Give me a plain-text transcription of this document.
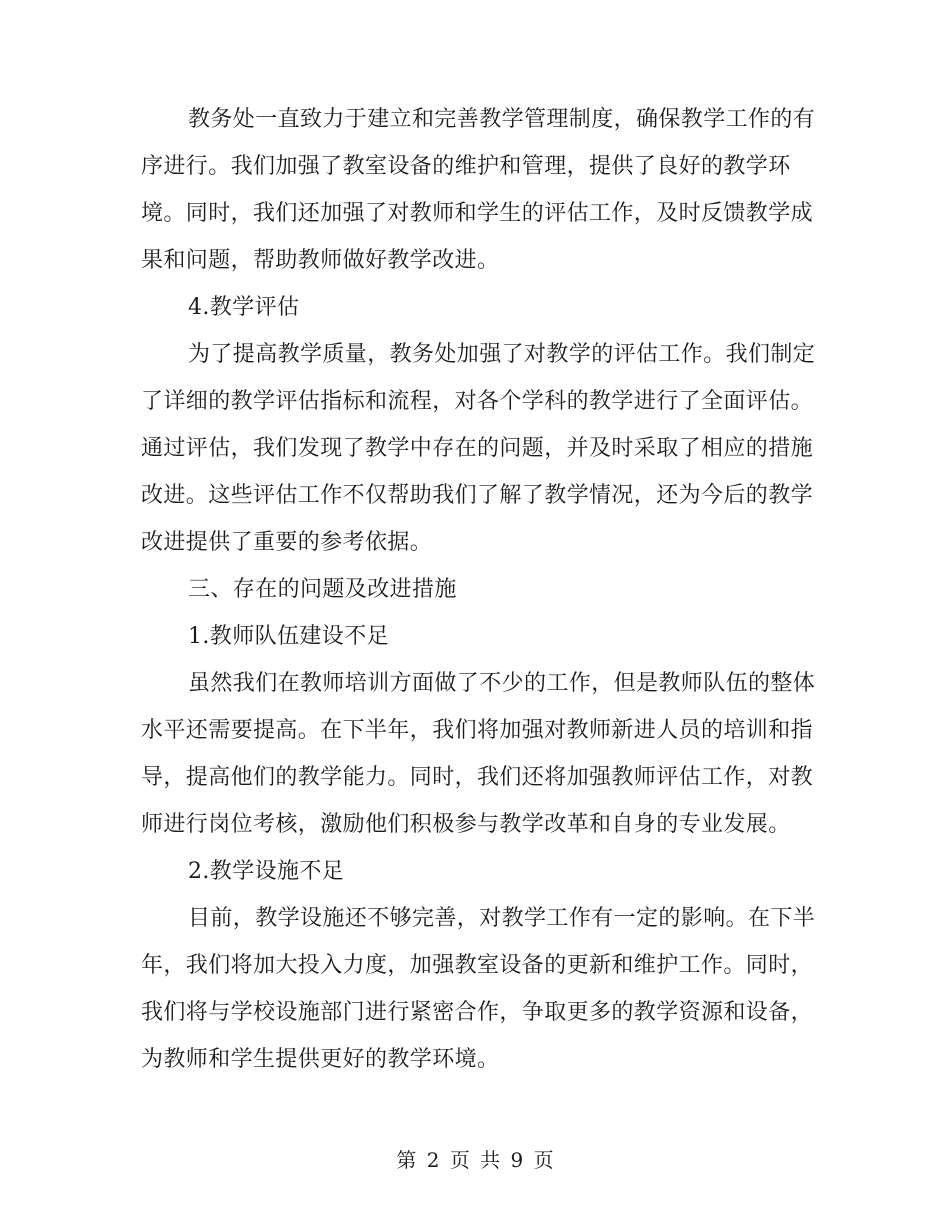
教务处一直致力于建立和完善教学管理制度，确保教学工作的有
序进行。我们加强了教室设备的维护和管理，提供了良好的教学环
境。同时，我们还加强了对教师和学生的评估工作，及时反馈教学成
果和问题，帮助教师做好教学改进。
4.教学评估
为了提高教学质量，教务处加强了对教学的评估工作。我们制定
了详细的教学评估指标和流程，对各个学科的教学进行了全面评估。
通过评估，我们发现了教学中存在的问题，并及时采取了相应的措施
改进。这些评估工作不仅帮助我们了解了教学情况，还为今后的教学
改进提供了重要的参考依据。
三、存在的问题及改进措施
1.教师队伍建设不足
虽然我们在教师培训方面做了不少的工作，但是教师队伍的整体
水平还需要提高。在下半年，我们将加强对教师新进人员的培训和指
导，提高他们的教学能力。同时，我们还将加强教师评估工作，对教
师进行岗位考核，激励他们积极参与教学改革和自身的专业发展。
2.教学设施不足
目前，教学设施还不够完善，对教学工作有一定的影响。在下半
年，我们将加大投入力度，加强教室设备的更新和维护工作。同时，
我们将与学校设施部门进行紧密合作，争取更多的教学资源和设备，
为教师和学生提供更好的教学环境。
第 2 页 共 9 页
